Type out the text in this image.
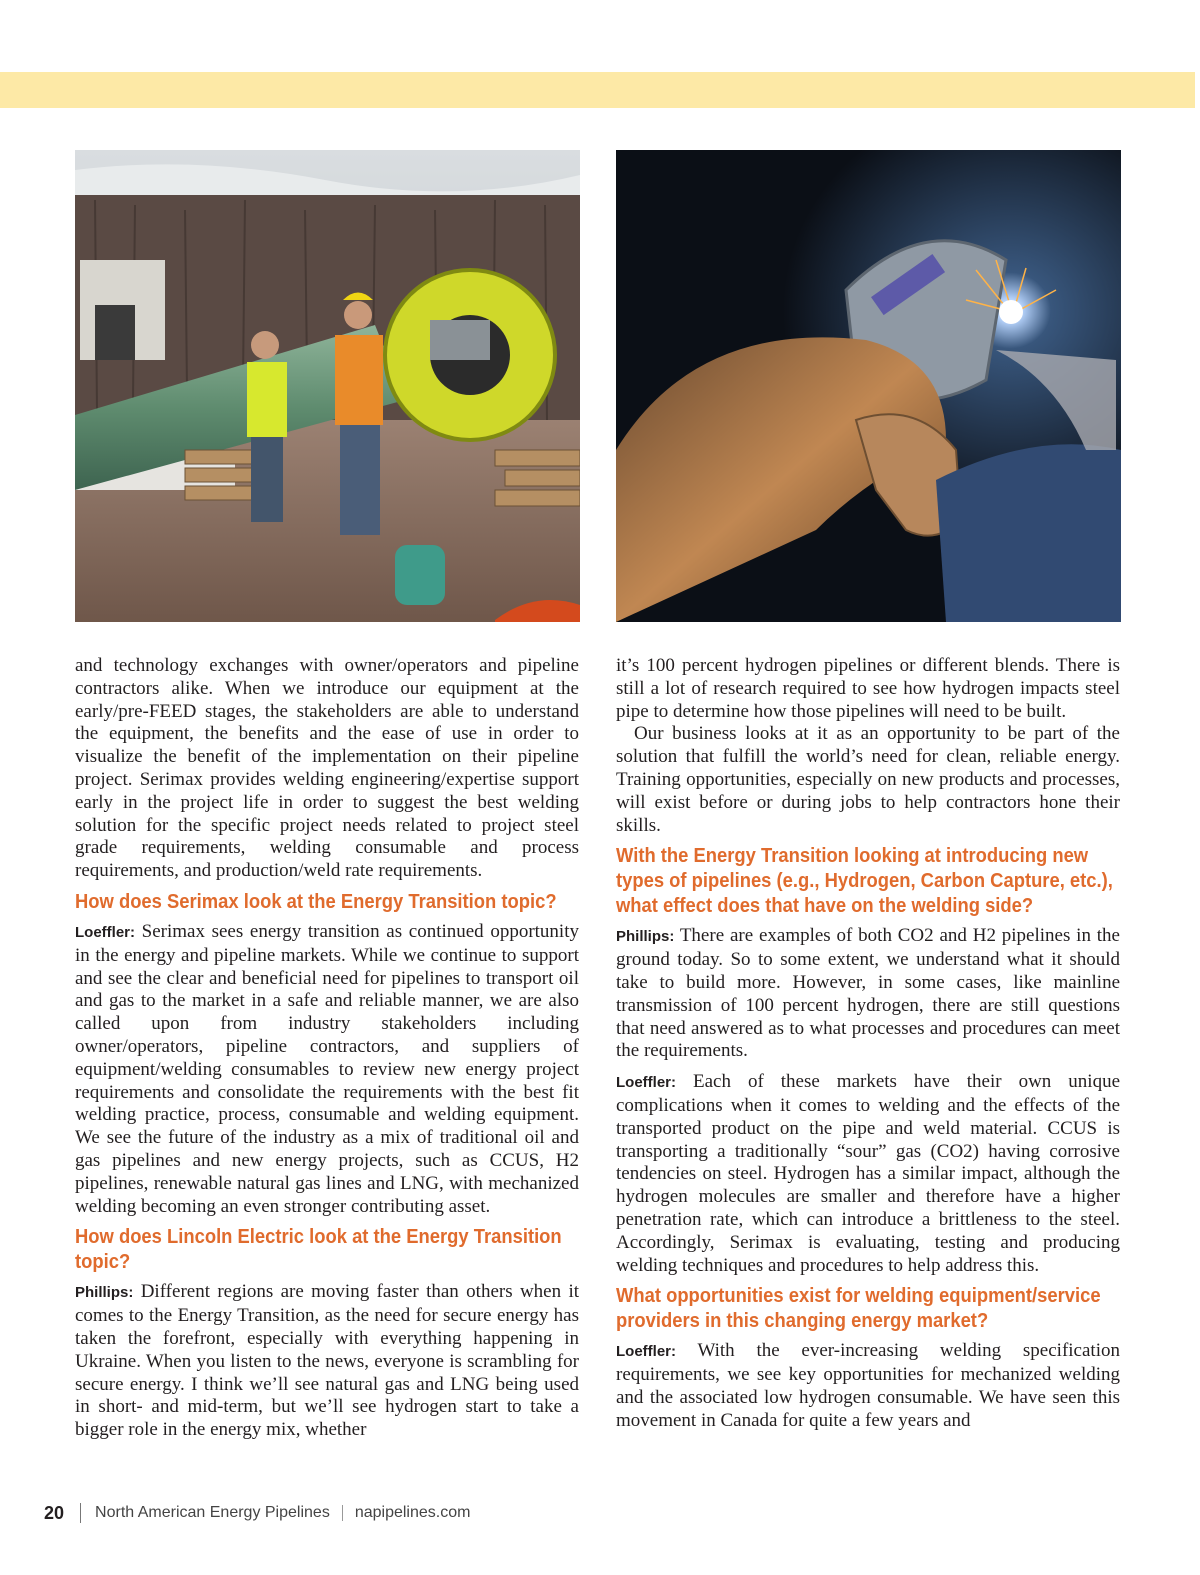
and technology exchanges with owner/operators and pipeline contractors alike. When we introduce our equipment at the early/pre-FEED stages, the stakeholders are able to understand the equipment, the benefits and the ease of use in order to visualize the benefit of the implementation on their pipeline project. Serimax provides welding engineering/expertise support early in the project life in order to suggest the best welding solution for the specific project needs related to project steel grade requirements, welding consumable and process requirements, and production/weld rate requirements.

How does Serimax look at the Energy Transition topic?

Loeffler: Serimax sees energy transition as continued opportunity in the energy and pipeline markets. While we continue to support and see the clear and beneficial need for pipelines to transport oil and gas to the market in a safe and reliable manner, we are also called upon from industry stakeholders including owner/operators, pipeline contractors, and suppliers of equipment/welding consumables to review new energy project requirements and consolidate the requirements with the best fit welding practice, process, consumable and welding equipment. We see the future of the industry as a mix of traditional oil and gas pipelines and new energy projects, such as CCUS, H2 pipelines, renewable natural gas lines and LNG, with mechanized welding becoming an even stronger contributing asset.

How does Lincoln Electric look at the Energy Transition topic?

Phillips: Different regions are moving faster than others when it comes to the Energy Transition, as the need for secure energy has taken the forefront, especially with everything happening in Ukraine. When you listen to the news, everyone is scrambling for secure energy. I think we’ll see natural gas and LNG being used in short- and mid-term, but we’ll see hydrogen start to take a bigger role in the energy mix, whether

it’s 100 percent hydrogen pipelines or different blends. There is still a lot of research required to see how hydrogen impacts steel pipe to determine how those pipelines will need to be built.

Our business looks at it as an opportunity to be part of the solution that fulfill the world’s need for clean, reliable energy. Training opportunities, especially on new products and processes, will exist before or during jobs to help contractors hone their skills.

With the Energy Transition looking at introducing new types of pipelines (e.g., Hydrogen, Carbon Capture, etc.), what effect does that have on the welding side?

Phillips: There are examples of both CO2 and H2 pipelines in the ground today. So to some extent, we understand what it should take to build more. However, in some cases, like mainline transmission of 100 percent hydrogen, there are still questions that need answered as to what processes and procedures can meet the requirements.

Loeffler: Each of these markets have their own unique complications when it comes to welding and the effects of the transported product on the pipe and weld material. CCUS is transporting a traditionally “sour” gas (CO2) having corrosive tendencies on steel. Hydrogen has a similar impact, although the hydrogen molecules are smaller and therefore have a higher penetration rate, which can introduce a brittleness to the steel. Accordingly, Serimax is evaluating, testing and producing welding techniques and procedures to help address this.

What opportunities exist for welding equipment/service providers in this changing energy market?

Loeffler: With the ever-increasing welding specification requirements, we see key opportunities for mechanized welding and the associated low hydrogen consumable. We have seen this movement in Canada for quite a few years and

20 North American Energy Pipelines napipelines.com
